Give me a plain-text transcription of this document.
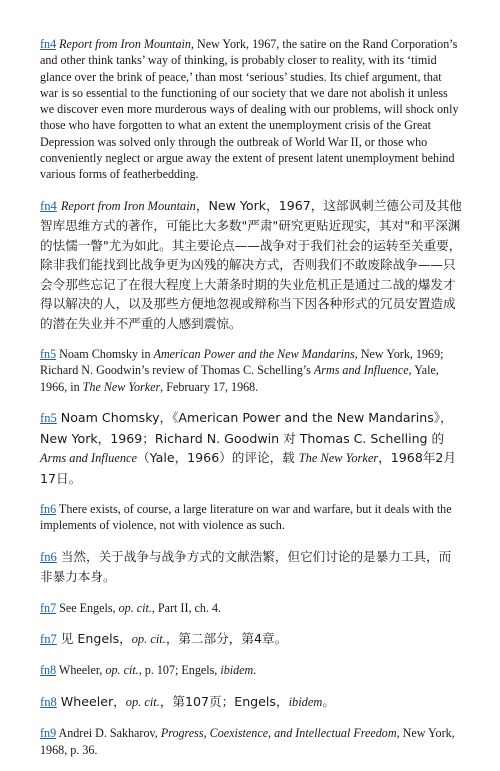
fn4 Report from Iron Mountain, New York, 1967, the satire on the Rand Corporation’s and other think tanks’ way of thinking, is probably closer to reality, with its ‘timid glance over the brink of peace,’ than most ‘serious’ studies. Its chief argument, that war is so essential to the functioning of our society that we dare not abolish it unless we discover even more murderous ways of dealing with our problems, will shock only those who have forgotten to what an extent the unemployment crisis of the Great Depression was solved only through the outbreak of World War II, or those who conveniently neglect or argue away the extent of present latent unemployment behind various forms of featherbedding.

fn4 Report from Iron Mountain，New York，1967，这部讽刺兰德公司及其他智库思维方式的著作，可能比大多数"严肃"研究更贴近现实，其对"和平深渊的怯懦一瞥"尤为如此。其主要论点——战争对于我们社会的运转至关重要，除非我们能找到比战争更为凶残的解决方式，否则我们不敢废除战争——只会令那些忘记了在很大程度上大萧条时期的失业危机正是通过二战的爆发才得以解决的人，以及那些方便地忽视或辩称当下因各种形式的冗员安置造成的潜在失业并不严重的人感到震惊。

fn5 Noam Chomsky in American Power and the New Mandarins, New York, 1969; Richard N. Goodwin’s review of Thomas C. Schelling’s Arms and Influence, Yale, 1966, in The New Yorker, February 17, 1968.

fn5 Noam Chomsky，《American Power and the New Mandarins》，New York，1969；Richard N. Goodwin 对 Thomas C. Schelling 的 Arms and Influence（Yale，1966）的评论，载 The New Yorker，1968年2月17日。

fn6 There exists, of course, a large literature on war and warfare, but it deals with the implements of violence, not with violence as such.

fn6 当然，关于战争与战争方式的文献浩繁，但它们讨论的是暴力工具，而非暴力本身。

fn7 See Engels, op. cit., Part II, ch. 4.

fn7 见 Engels，op. cit.，第二部分，第4章。

fn8 Wheeler, op. cit., p. 107; Engels, ibidem.

fn8 Wheeler，op. cit.，第107页；Engels，ibidem。

fn9 Andrei D. Sakharov, Progress, Coexistence, and Intellectual Freedom, New York, 1968, p. 36.
